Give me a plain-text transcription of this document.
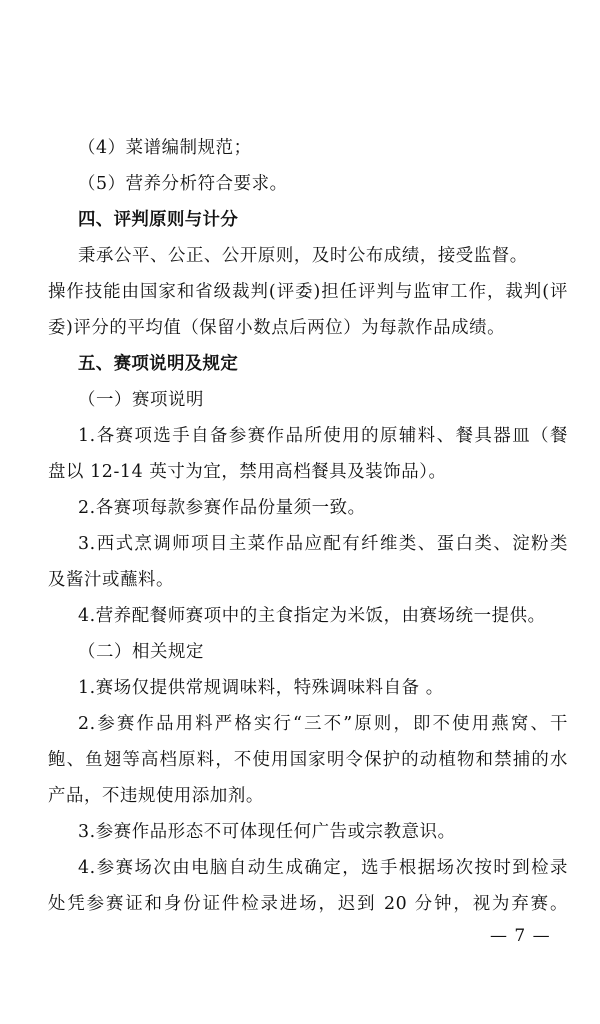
（4）菜谱编制规范；
（5）营养分析符合要求。
四、评判原则与计分
秉承公平、公正、公开原则，及时公布成绩，接受监督。
操作技能由国家和省级裁判(评委)担任评判与监审工作，裁判(评
委)评分的平均值（保留小数点后两位）为每款作品成绩。
五、赛项说明及规定
（一）赛项说明
1.各赛项选手自备参赛作品所使用的原辅料、餐具器皿（餐
盘以 12-14 英寸为宜，禁用高档餐具及装饰品）。
2.各赛项每款参赛作品份量须一致。
3.西式烹调师项目主菜作品应配有纤维类、蛋白类、淀粉类
及酱汁或蘸料。
4.营养配餐师赛项中的主食指定为米饭，由赛场统一提供。
（二）相关规定
1.赛场仅提供常规调味料，特殊调味料自备 。
2.参赛作品用料严格实行“三不”原则，即不使用燕窝、干
鲍、鱼翅等高档原料，不使用国家明令保护的动植物和禁捕的水
产品，不违规使用添加剂。
3.参赛作品形态不可体现任何广告或宗教意识。
4.参赛场次由电脑自动生成确定，选手根据场次按时到检录
处凭参赛证和身份证件检录进场，迟到 20 分钟，视为弃赛。
— 7 —
